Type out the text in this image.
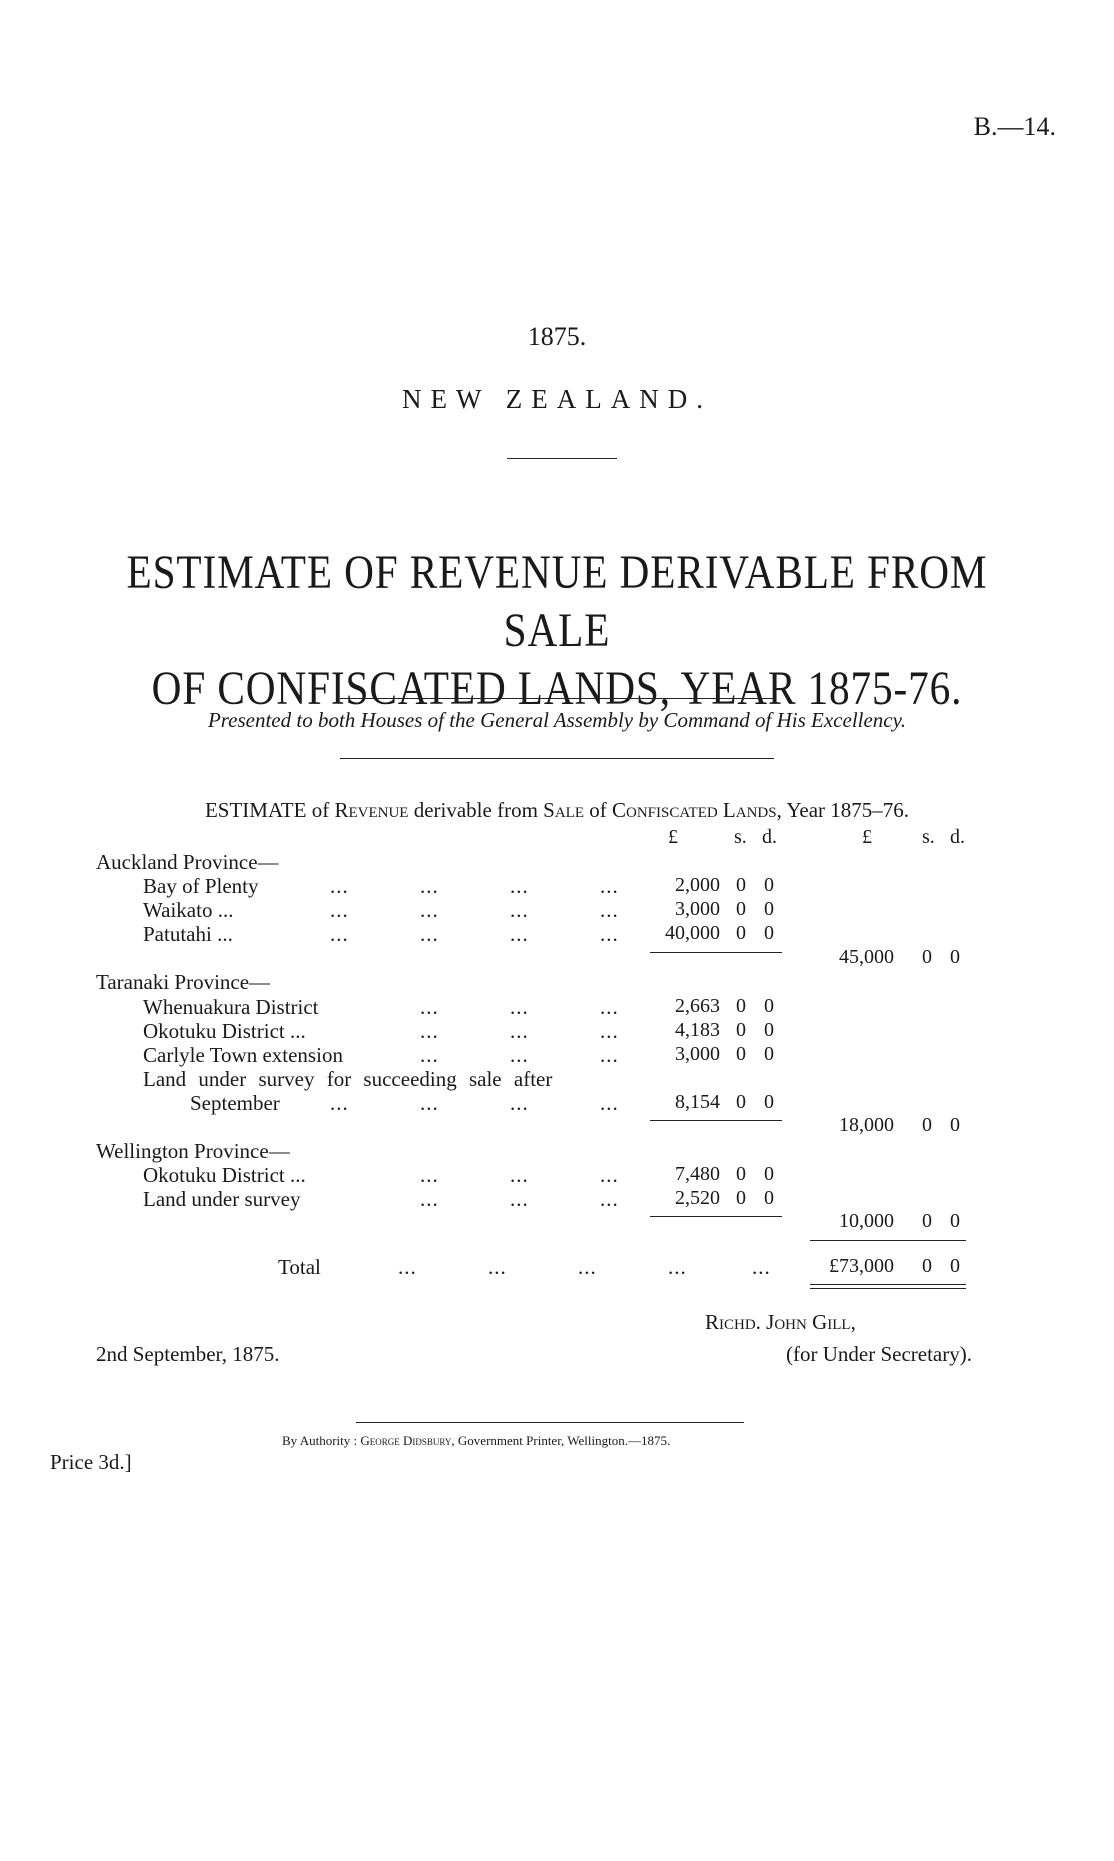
B.—14.
1875.
NEW ZEALAND.
ESTIMATE OF REVENUE DERIVABLE FROM SALE
OF CONFISCATED LANDS, YEAR 1875-76.
Presented to both Houses of the General Assembly by Command of His Excellency.
ESTIMATE of Revenue derivable from Sale of Confiscated Lands, Year 1875–76.
£	s. d.	£	s. d.
Auckland Province—
Bay of Plenty	...	...	...	...	2,000 0 0
Waikato ...	...	...	...	...	3,000 0 0
Patutahi ...	...	...	...	...	40,000 0 0
45,000 0 0
Taranaki Province—
Whenuakura District	...	...	...	2,663 0 0
Okotuku District ...	...	...	...	4,183 0 0
Carlyle Town extension	...	...	...	3,000 0 0
Land under survey for succeeding sale after
September ...	...	...	...	8,154 0 0
18,000 0 0
Wellington Province—
Okotuku District ...	...	...	...	7,480 0 0
Land under survey	...	...	...	2,520 0 0
10,000 0 0
Total	...	...	...	...	...	£73,000 0 0
Richd. John Gill,
2nd September, 1875.	(for Under Secretary).
By Authority : George Didsbury, Government Printer, Wellington.—1875.
Price 3d.]
